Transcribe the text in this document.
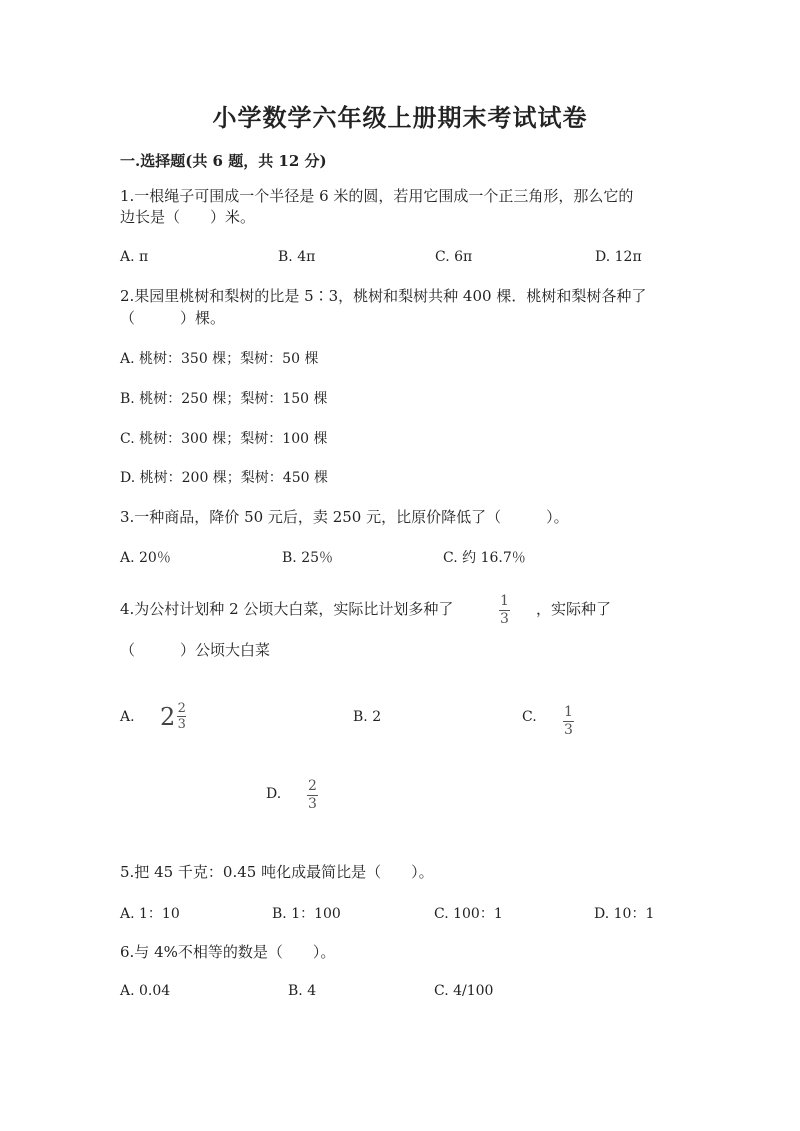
小学数学六年级上册期末考试试卷
一.选择题(共 6 题，共 12 分)
1.一根绳子可围成一个半径是 6 米的圆，若用它围成一个正三角形，那么它的
边长是（　　）米。
A. π	B. 4π	C. 6π	D. 12π
2.果园里桃树和梨树的比是 5∶3，桃树和梨树共种 400 棵．桃树和梨树各种了
（　　　）棵。
A. 桃树：350 棵；梨树：50 棵
B. 桃树：250 棵；梨树：150 棵
C. 桃树：300 棵；梨树：100 棵
D. 桃树：200 棵；梨树：450 棵
3.一种商品，降价 50 元后，卖 250 元，比原价降低了（　　　）。
A. 20％	B. 25％	C. 约 16.7％
4.为公村计划种 2 公顷大白菜，实际比计划多种了	1
3
，实际种了
（　　　）公顷大白菜
A. $2 \frac{2}{3}$	B. 2	C. 1
3
D. 2
3
5.把 45 千克：0.45 吨化成最简比是（　　）。
A. 1：10	B. 1：100	C. 100：1	D. 10：1
6.与 4%不相等的数是（　　）。
A. 0.04	B. 4	C. 4/100
